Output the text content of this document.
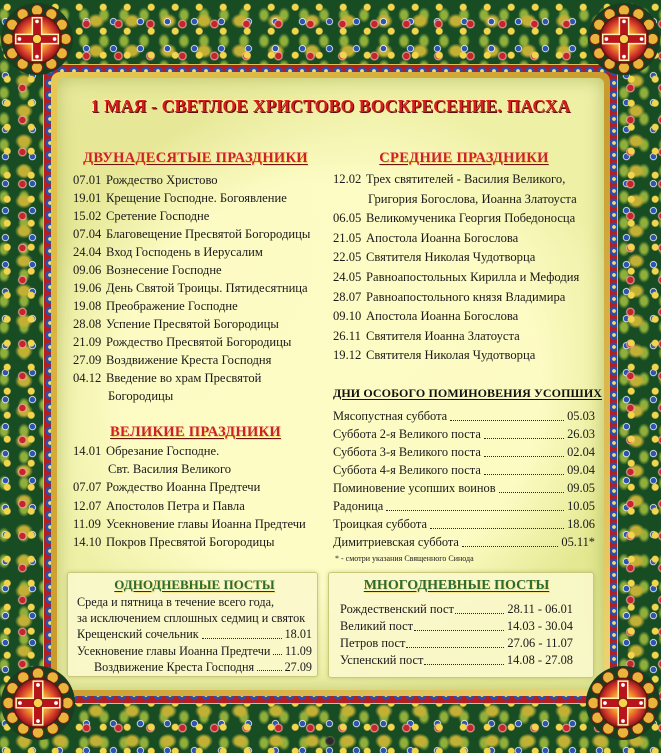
1 МАЯ - СВЕТЛОЕ ХРИСТОВО ВОСКРЕСЕНИЕ. ПАСХА
ДВУНАДЕСЯТЫЕ ПРАЗДНИКИ
07.01 Рождество Христово
19.01 Крещение Господне. Богоявление
15.02 Сретение Господне
07.04 Благовещение Пресвятой Богородицы
24.04 Вход Господень в Иерусалим
09.06 Вознесение Господне
19.06 День Святой Троицы. Пятидесятница
19.08 Преображение Господне
28.08 Успение Пресвятой Богородицы
21.09 Рождество Пресвятой Богородицы
27.09 Воздвижение Креста Господня
04.12 Введение во храм Пресвятой
Богородицы
ВЕЛИКИЕ ПРАЗДНИКИ
14.01 Обрезание Господне.
Свт. Василия Великого
07.07 Рождество Иоанна Предтечи
12.07 Апостолов Петра и Павла
11.09 Усекновение главы Иоанна Предтечи
14.10 Покров Пресвятой Богородицы
ОДНОДНЕВНЫЕ ПОСТЫ
Среда и пятница в течение всего года,
за исключением сплошных седмиц и святок
Крещенский сочельник	18.01
Усекновение главы Иоанна Предтечи 11.09
Воздвижение Креста Господня 27.09
СРЕДНИЕ ПРАЗДНИКИ
12.02 Трех святителей - Василия Великого,
Григория Богослова, Иоанна Златоуста
06.05 Великомученика Георгия Победоносца
21.05 Апостола Иоанна Богослова
22.05 Святителя Николая Чудотворца
24.05 Равноапостольных Кирилла и Мефодия
28.07 Равноапостольного князя Владимира
09.10 Апостола Иоанна Богослова
26.11 Святителя Иоанна Златоуста
19.12 Святителя Николая Чудотворца
ДНИ ОСОБОГО ПОМИНОВЕНИЯ УСОПШИХ
Мясопустная суббота	05.03
Суббота 2-я Великого поста	26.03
Суббота 3-я Великого поста	02.04
Суббота 4-я Великого поста	09.04
Поминовение усопших воинов	09.05
Радоница	10.05
Троицкая суббота	18.06
Димитриевская суббота	05.11*
* - смотри указания Священного Синода
МНОГОДНЕВНЫЕ ПОСТЫ
Рождественский пост	28.11 - 06.01
Великий пост	14.03 - 30.04
Петров пост	27.06 - 11.07
Успенский пост	14.08 - 27.08
